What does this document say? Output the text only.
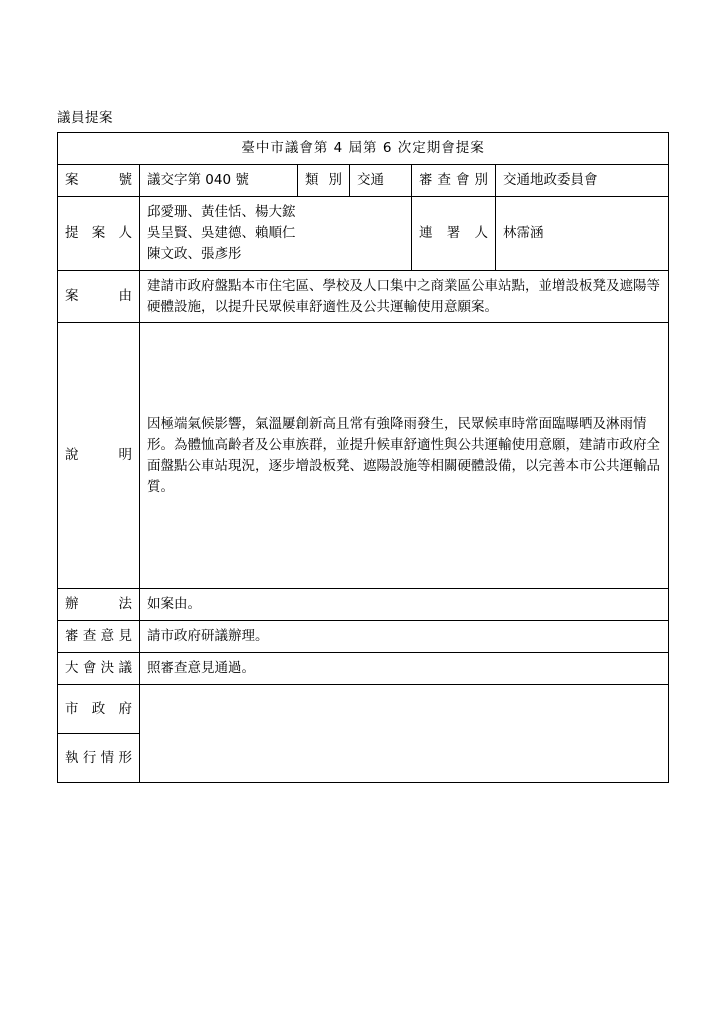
議員提案
臺中市議會第 4 屆第 6 次定期會提案					
案號	議交字第 040 號	類別	交通	審查會別	交通地政委員會
提案人	邱愛珊、黃佳恬、楊大鋐
吳呈賢、吳建德、賴順仁
陳文政、張彥彤			連署人	林霈涵
案由	建請市政府盤點本市住宅區、學校及人口集中之商業區公車站點，並增設板凳及遮陽等硬體設施，以提升民眾候車舒適性及公共運輸使用意願案。				
說明	因極端氣候影響，氣溫屢創新高且常有強降雨發生，民眾候車時常面臨曝晒及淋雨情形。為體恤高齡者及公車族群，並提升候車舒適性與公共運輸使用意願，建請市政府全面盤點公車站現況，逐步增設板凳、遮陽設施等相關硬體設備，以完善本市公共運輸品質。				
辦法	如案由。				
審查意見	請市政府研議辦理。				
大會決議	照審查意見通過。				
市政府					
執行情形					
